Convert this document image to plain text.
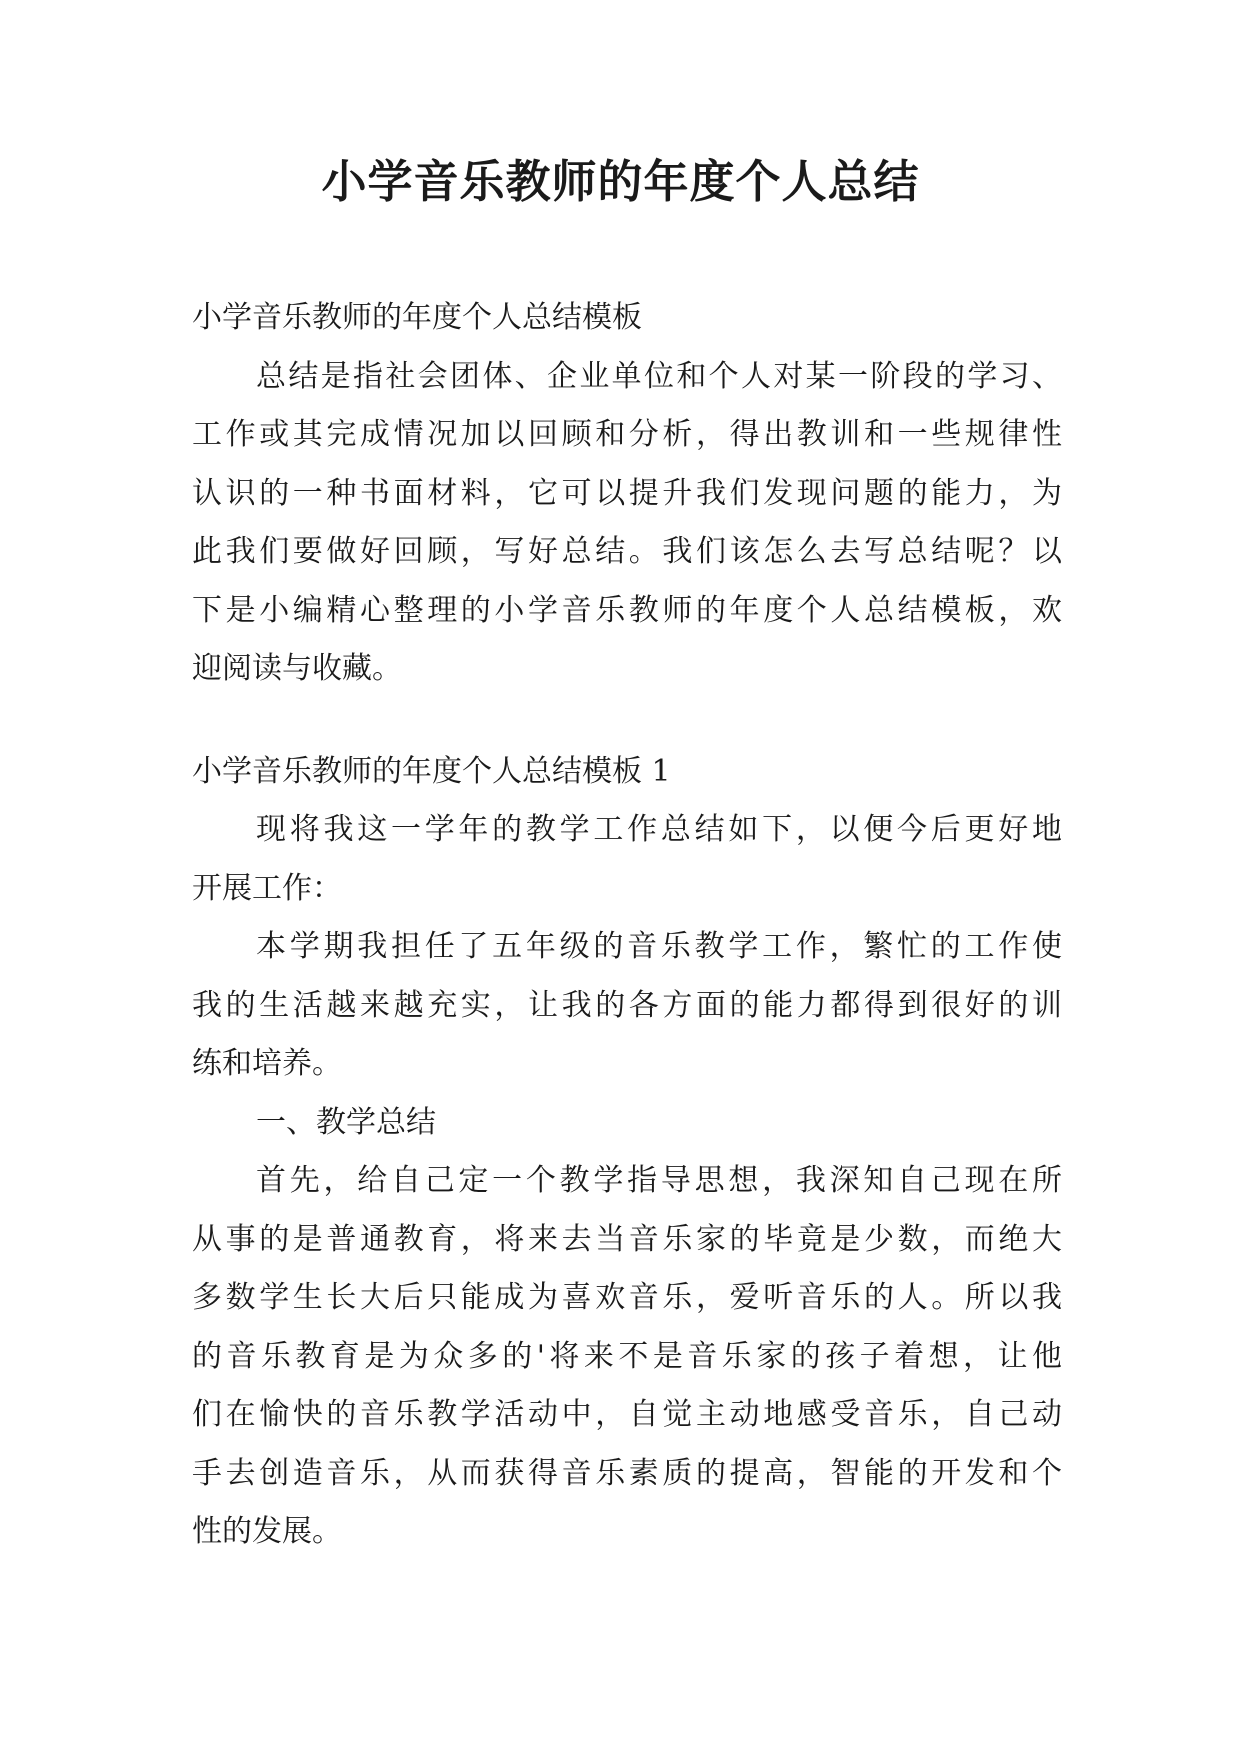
小学音乐教师的年度个人总结
小学音乐教师的年度个人总结模板
总结是指社会团体、企业单位和个人对某一阶段的学习、
工作或其完成情况加以回顾和分析，得出教训和一些规律性
认识的一种书面材料，它可以提升我们发现问题的能力，为
此我们要做好回顾，写好总结。我们该怎么去写总结呢？以
下是小编精心整理的小学音乐教师的年度个人总结模板，欢
迎阅读与收藏。
小学音乐教师的年度个人总结模板 1
现将我这一学年的教学工作总结如下，以便今后更好地
开展工作：
本学期我担任了五年级的音乐教学工作，繁忙的工作使
我的生活越来越充实，让我的各方面的能力都得到很好的训
练和培养。
一、教学总结
首先，给自己定一个教学指导思想，我深知自己现在所
从事的是普通教育，将来去当音乐家的毕竟是少数，而绝大
多数学生长大后只能成为喜欢音乐，爱听音乐的人。所以我
的音乐教育是为众多的'将来不是音乐家的孩子着想，让他
们在愉快的音乐教学活动中，自觉主动地感受音乐，自己动
手去创造音乐，从而获得音乐素质的提高，智能的开发和个
性的发展。
